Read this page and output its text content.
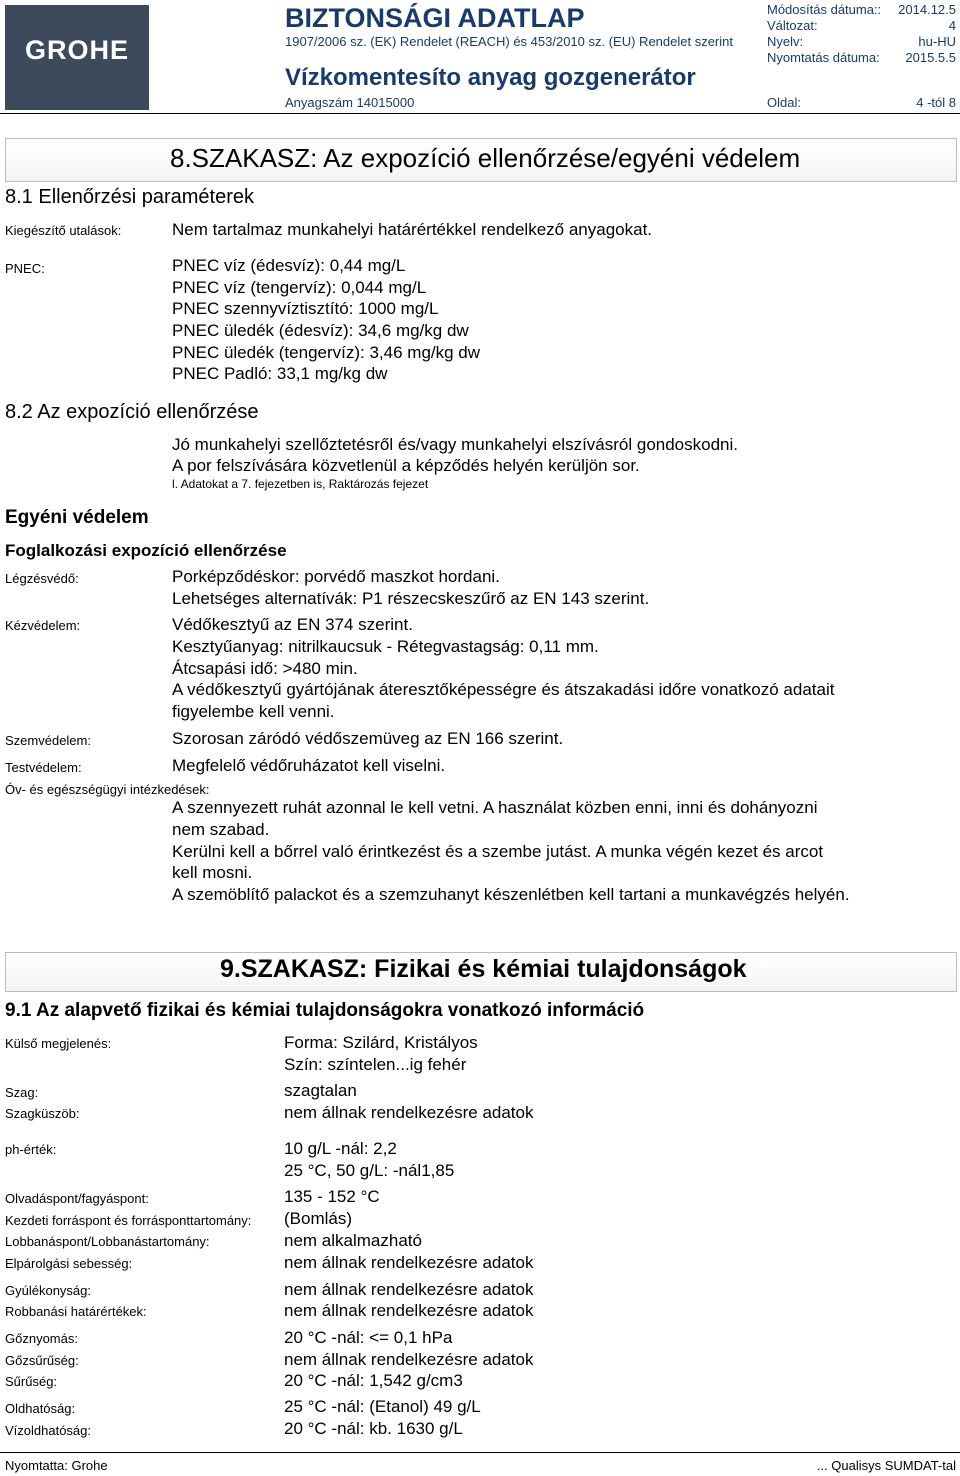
GROHE
BIZTONSÁGI ADATLAP
1907/2006 sz. (EK) Rendelet (REACH) és 453/2010 sz. (EU) Rendelet szerint
Vízkomentesíto anyag gozgenerátor
Anyagszám 14015000
Módosítás dátuma:: 2014.12.5
Változat:	4
Nyelv:	hu-HU
Nyomtatás dátuma: 2015.5.5
Oldal:	4 -tól 8
8.SZAKASZ: Az expozíció ellenőrzése/egyéni védelem
8.1 Ellenőrzési paraméterek
Kiegészítő utalások:	Nem tartalmaz munkahelyi határértékkel rendelkező anyagokat.
PNEC:	PNEC víz (édesvíz): 0,44 mg/L
PNEC víz (tengervíz): 0,044 mg/L
PNEC szennyvíztisztító: 1000 mg/L
PNEC üledék (édesvíz): 34,6 mg/kg dw
PNEC üledék (tengervíz): 3,46 mg/kg dw
PNEC Padló: 33,1 mg/kg dw
8.2 Az expozíció ellenőrzése
Jó munkahelyi szellőztetésről és/vagy munkahelyi elszívásról gondoskodni.
A por felszívására közvetlenül a képződés helyén kerüljön sor.
l. Adatokat a 7. fejezetben is, Raktározás fejezet
Egyéni védelem
Foglalkozási expozíció ellenőrzése
Légzésvédő:	Porképződéskor: porvédő maszkot hordani.
Lehetséges alternatívák: P1 részecskeszűrő az EN 143 szerint.
Kézvédelem:	Védőkesztyű az EN 374 szerint.
Kesztyűanyag: nitrilkaucsuk - Rétegvastagság: 0,11 mm.
Átcsapási idő: >480 min.
A védőkesztyű gyártójának áteresztőképességre és átszakadási időre vonatkozó adatait
figyelembe kell venni.
Szemvédelem:	Szorosan záródó védőszemüveg az EN 166 szerint.
Testvédelem:	Megfelelő védőruházatot kell viselni.
Óv- és egészségügyi intézkedések:
A szennyezett ruhát azonnal le kell vetni. A használat közben enni, inni és dohányozni
nem szabad.
Kerülni kell a bőrrel való érintkezést és a szembe jutást. A munka végén kezet és arcot
kell mosni.
A szemöblítő palackot és a szemzuhanyt készenlétben kell tartani a munkavégzés helyén.
9.SZAKASZ: Fizikai és kémiai tulajdonságok
9.1 Az alapvető fizikai és kémiai tulajdonságokra vonatkozó információ
Külső megjelenés:	Forma: Szilárd, Kristályos
Szín: színtelen...ig fehér
Szag:	szagtalan
Szagküszöb:	nem állnak rendelkezésre adatok
ph-érték:	10 g/L -nál: 2,2
25 °C, 50 g/L: -nál1,85
Olvadáspont/fagyáspont:	135 - 152 °C
Kezdeti forráspont és forrásponttartomány: (Bomlás)
Lobbanáspont/Lobbanástartomány:	nem alkalmazható
Elpárolgási sebesség:	nem állnak rendelkezésre adatok
Gyúlékonyság:	nem állnak rendelkezésre adatok
Robbanási határértékek:	nem állnak rendelkezésre adatok
Gőznyomás:	20 °C -nál: <= 0,1 hPa
Gőzsűrűség:	nem állnak rendelkezésre adatok
Sűrűség:	20 °C -nál: 1,542 g/cm3
Oldhatóság:	25 °C -nál: (Etanol) 49 g/L
Vízoldhatóság:	20 °C -nál: kb. 1630 g/L
Nyomtatta: Grohe	... Qualisys SUMDAT-tal
